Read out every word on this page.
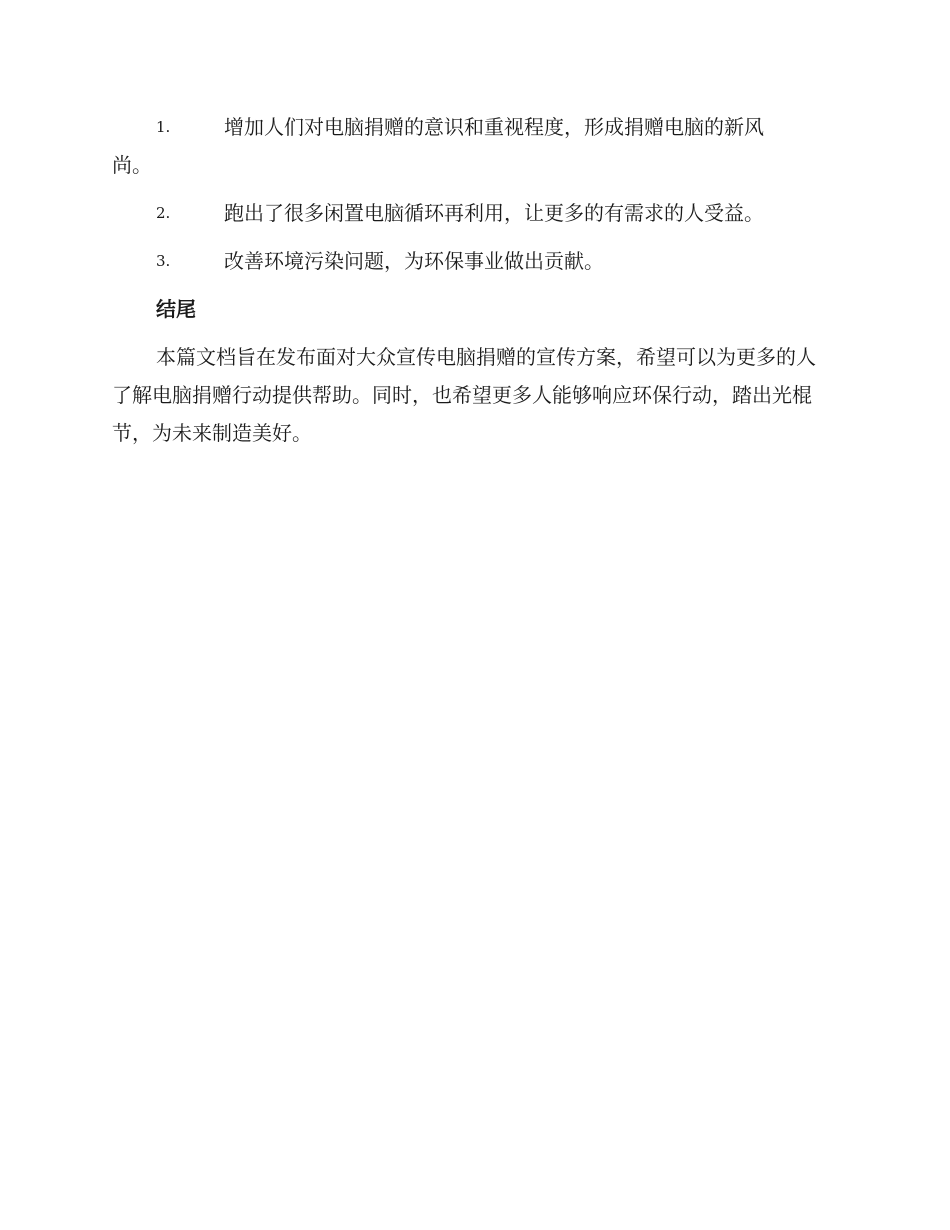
1.	增加人们对电脑捐赠的意识和重视程度，形成捐赠电脑的新风
尚。
2.	跑出了很多闲置电脑循环再利用，让更多的有需求的人受益。
3.	改善环境污染问题，为环保事业做出贡献。
结尾

本篇文档旨在发布面对大众宣传电脑捐赠的宣传方案，希望可以为更多的人了解电脑捐赠行动提供帮助。同时，也希望更多人能够响应环保行动，踏出光棍节，为未来制造美好。
